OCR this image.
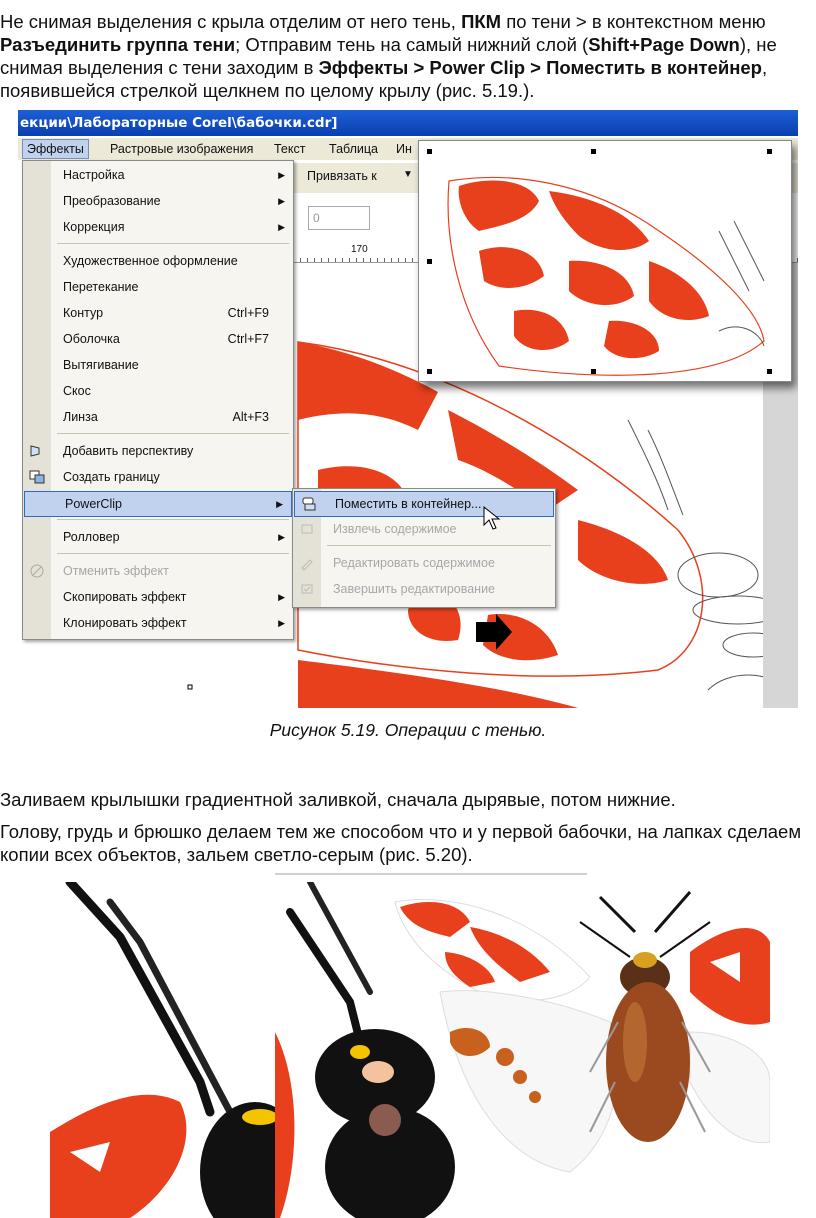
Не снимая выделения с крыла отделим от него тень, ПКМ по тени > в контекстном меню Разъединить группа тени; Отправим тень на самый нижний слой (Shift+Page Down), не снимая выделения с тени заходим в Эффекты > Power Clip > Поместить в контейнер, появившейся стрелкой щелкнем по целому крылу (рис. 5.19.).

екции\Лабораторные Corel\бабочки.cdr]
Эффекты	Растровые изображения	Текст	Таблица	Ин
Привязать к	▼
0
170
Настройка	▶
Преобразование	▶
Коррекция	▶
Художественное оформление
Перетекание
Контур	Ctrl+F9
Оболочка	Ctrl+F7
Вытягивание
Скос
Линза	Alt+F3
Добавить перспективу
Создать границу
PowerClip	▶
Ролловер	▶
Отменить эффект
Скопировать эффект	▶
Клонировать эффект	▶
Поместить в контейнер...
Извлечь содержимое
Редактировать содержимое
Завершить редактирование
Рисунок 5.19. Операции с тенью.

Заливаем крылышки градиентной заливкой, сначала дырявые, потом нижние.

Голову, грудь и брюшко делаем тем же способом что и у первой бабочки, на лапках сделаем копии всех объектов, зальем светло-серым (рис. 5.20).
